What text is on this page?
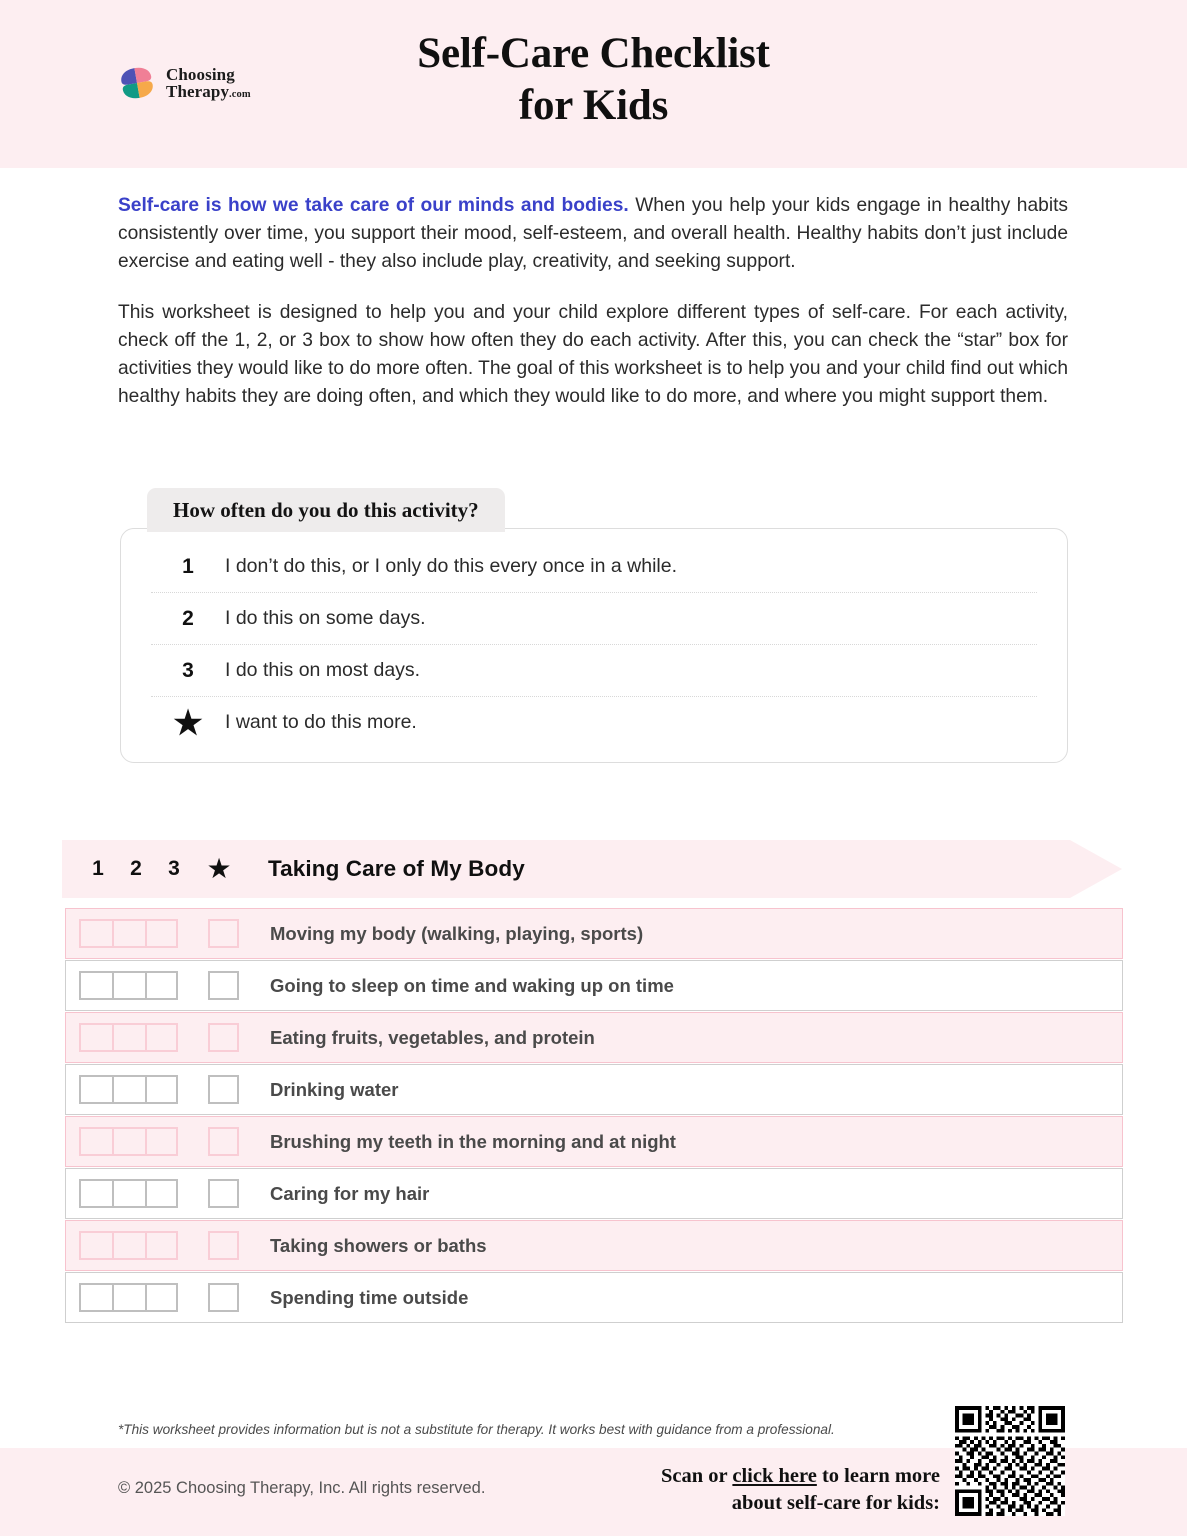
Choosing
Therapy.com
Self-Care Checklist
for Kids

Self-care is how we take care of our minds and bodies. When you help your kids engage in healthy habits consistently over time, you support their mood, self-esteem, and overall health. Healthy habits don’t just include exercise and eating well - they also include play, creativity, and seeking support.

This worksheet is designed to help you and your child explore different types of self-care. For each activity, check off the 1, 2, or 3 box to show how often they do each activity. After this, you can check the “star” box for activities they would like to do more often. The goal of this worksheet is to help you and your child find out which healthy habits they are doing often, and which they would like to do more, and where you might support them.

How often do you do this activity?
1	I don’t do this, or I only do this every once in a while.
2	I do this on some days.
3	I do this on most days.
★	I want to do this more.
1	2	3 ★	Taking Care of My Body
Moving my body (walking, playing, sports)
Going to sleep on time and waking up on time
Eating fruits, vegetables, and protein
Drinking water
Brushing my teeth in the morning and at night
Caring for my hair
Taking showers or baths
Spending time outside
*This worksheet provides information but is not a substitute for therapy. It works best with guidance from a professional.
© 2025 Choosing Therapy, Inc. All rights reserved.
Scan or click here to learn more
about self-care for kids:
